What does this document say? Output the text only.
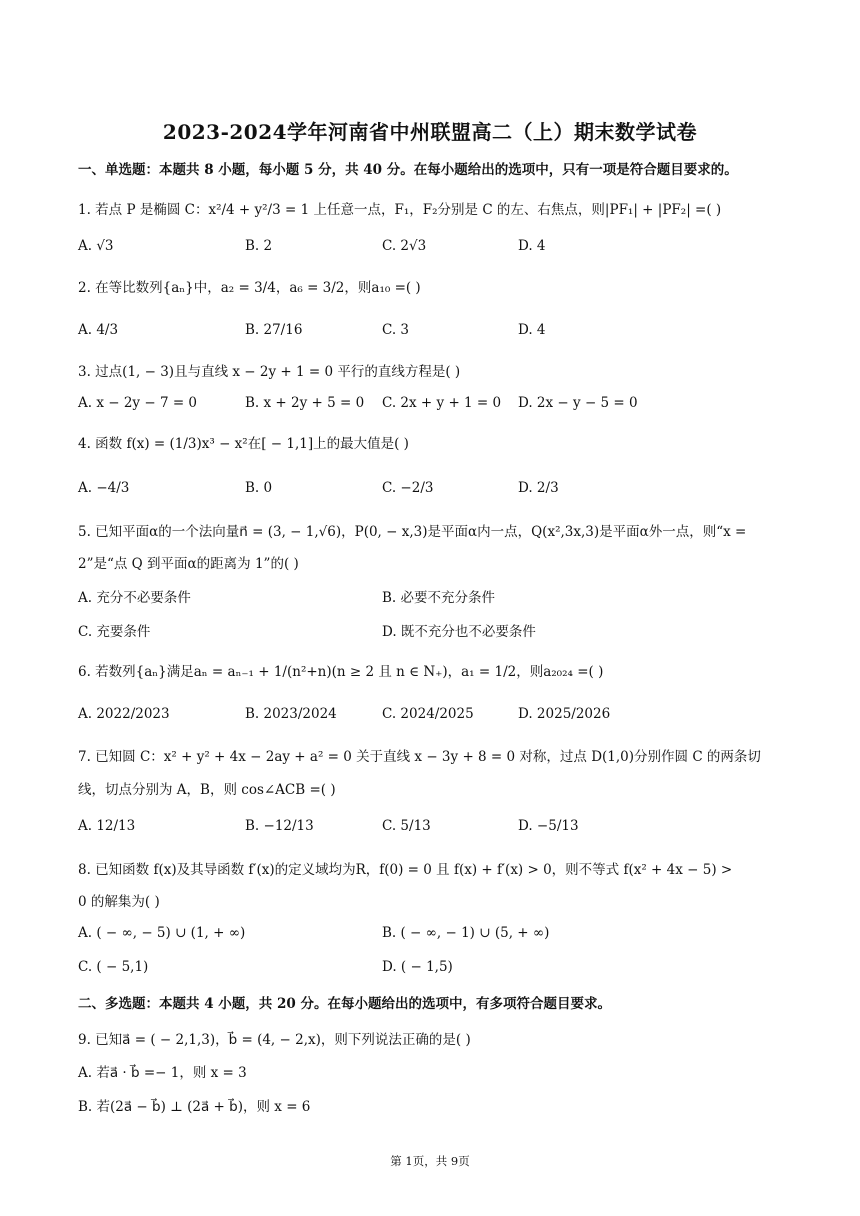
2023-2024学年河南省中州联盟高二（上）期末数学试卷
一、单选题：本题共 8 小题，每小题 5 分，共 40 分。在每小题给出的选项中，只有一项是符合题目要求的。
1. 若点 P 是椭圆 C：x²/4 + y²/3 = 1 上任意一点，F₁，F₂分别是 C 的左、右焦点，则|PF₁| + |PF₂| =( )
A. √3	B. 2	C. 2√3	D. 4
2. 在等比数列{aₙ}中，a₂ = 3/4，a₆ = 3/2，则a₁₀ =( )
A. 4/3	B. 27/16	C. 3	D. 4
3. 过点(1, − 3)且与直线 x − 2y + 1 = 0 平行的直线方程是( )
A. x − 2y − 7 = 0	B. x + 2y + 5 = 0 C. 2x + y + 1 = 0 D. 2x − y − 5 = 0
4. 函数 f(x) = (1/3)x³ − x²在[ − 1,1]上的最大值是( )
A. −4/3	B. 0	C. −2/3	D. 2/3
5. 已知平面α的一个法向量n⃗ = (3, − 1,√6)，P(0, − x,3)是平面α内一点，Q(x²,3x,3)是平面α外一点，则“x =
2”是“点 Q 到平面α的距离为 1”的( )
A. 充分不必要条件	B. 必要不充分条件
C. 充要条件	D. 既不充分也不必要条件
6. 若数列{aₙ}满足aₙ = aₙ₋₁ + 1/(n²+n)(n ≥ 2 且 n ∈ N₊)，a₁ = 1/2，则a₂₀₂₄ =( )
A. 2022/2023	B. 2023/2024	C. 2024/2025	D. 2025/2026
7. 已知圆 C：x² + y² + 4x − 2ay + a² = 0 关于直线 x − 3y + 8 = 0 对称，过点 D(1,0)分别作圆 C 的两条切
线，切点分别为 A，B，则 cos∠ACB =( )
A. 12/13	B. −12/13	C. 5/13	D. −5/13
8. 已知函数 f(x)及其导函数 f′(x)的定义域均为R，f(0) = 0 且 f(x) + f′(x) > 0，则不等式 f(x² + 4x − 5) >
0 的解集为( )
A. ( − ∞, − 5) ∪ (1, + ∞)	B. ( − ∞, − 1) ∪ (5, + ∞)
C. ( − 5,1)	D. ( − 1,5)
二、多选题：本题共 4 小题，共 20 分。在每小题给出的选项中，有多项符合题目要求。
9. 已知a⃗ = ( − 2,1,3)，b⃗ = (4, − 2,x)，则下列说法正确的是( )
A. 若a⃗ · b⃗ =− 1，则 x = 3
B. 若(2a⃗ − b⃗) ⊥ (2a⃗ + b⃗)，则 x = 6
第 1页，共 9页
